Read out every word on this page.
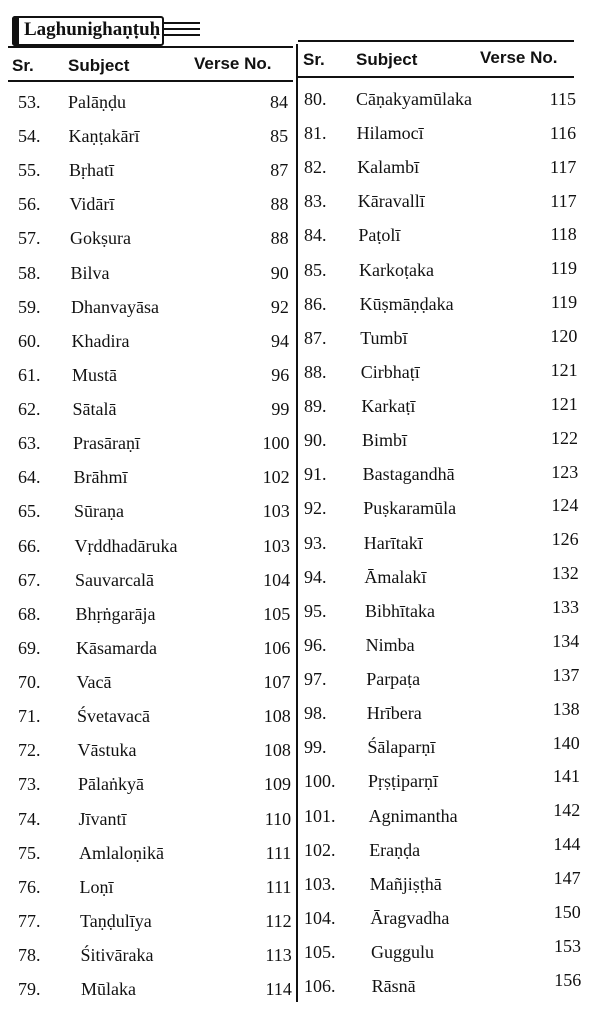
Laghunighaṇṭuḥ
Sr. Subject	Verse No. Sr. Subject	Verse No.
53. Palāṇḍu	84
54. Kaṇṭakārī	85
55. Bṛhatī	87
56. Vidārī	88
57. Gokṣura	88
58. Bilva	90
59. Dhanvayāsa	92
60. Khadira	94
61. Mustā	96
62. Sātalā	99
63. Prasāraṇī	100
64. Brāhmī	102
65. Sūraṇa	103
66. Vṛddhadāruka	103
67. Sauvarcalā	104
68. Bhṛṅgarāja	105
69. Kāsamarda	106
70. Vacā	107
71. Śvetavacā	108
72. Vāstuka	108
73. Pālaṅkyā	109
74. Jīvantī	110
75. Amlaloṇikā	111
76. Loṇī	111
77. Taṇḍulīya	112
78. Śitivāraka	113
79. Mūlaka	114
80. Cāṇakyamūlaka	115
81. Hilamocī	116
82. Kalambī	117
83. Kāravallī	117
84. Paṭolī	118
85. Karkoṭaka	119
86. Kūṣmāṇḍaka	119
87. Tumbī	120
88. Cirbhaṭī	121
89. Karkaṭī	121
90. Bimbī	122
91. Bastagandhā	123
92. Puṣkaramūla	124
93. Harītakī	126
94. Āmalakī	132
95. Bibhītaka	133
96. Nimba	134
97. Parpaṭa	137
98. Hrībera	138
99. Śālaparṇī	140
100. Pṛṣṭiparṇī	141
101. Agnimantha	142
102. Eraṇḍa	144
103. Mañjiṣṭhā	147
104. Āragvadha	150
105. Guggulu	153
106. Rāsnā	156
